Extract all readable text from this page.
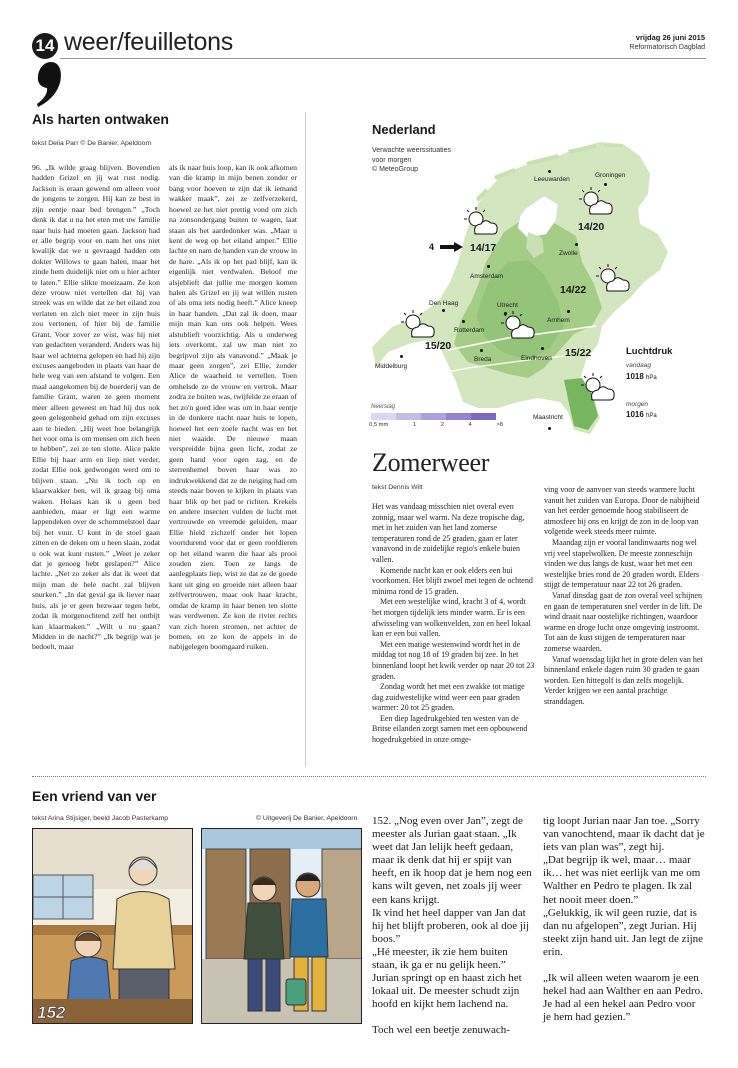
14 weer/feuilletons	vrijdag 26 juni 2015
Reformatorisch Dagblad
Als harten ontwaken
tekst Delia Parr © De Banier, Apeldoorn
96. „Ik wilde graag blijven. Bovendien hadden Grizel en jij wat rust nodig. Jackson is eraan gewend om alleen voor de jongens te zorgen. Hij kan ze best in zijn eentje naar bed brengen.” „Toch denk ik dat u na het eten met uw familie naar huis had moeten gaan. Jackson had er alle begrip voor en nam het ons niet kwalijk dat we u gevraagd hadden om dokter Willows te gaan halen, maar het zinde hem duidelijk niet om u hier achter te laten.” Ellie slikte moeizaam. Ze kon deze vrouw niet vertellen dat hij van streek was en wilde dat ze het eiland zou verlaten en zich niet meer in zijn huis zou vertonen, of hier bij de familie Grant. Voor zover ze wist, was hij niet van gedachten veranderd. Anders was hij haar wel achterna gelopen en had hij zijn excuses aangeboden in plaats van haar de hele weg van een afstand te volgen. Een maal aangekomen bij de boerderij van de familie Grant, waren ze geen moment meer alleen geweest en had hij dus ook geen gelegenheid gehad om zijn excuses aan te bieden. „Hij weet hoe belangrijk het voor oma is om mensen om zich heen te hebben”, zei ze ten slotte. Alice pakte Ellie bij haar arm en liep niet verder, zodat Ellie ook gedwongen werd om te blijven staan. „Nu ik toch op en klaarwakker ben, wil ik graag bij oma waken. Helaas kan ik u geen bed aanbieden, maar er ligt een warme lappendeken over de schommelstoel daar bij het vuur. U kunt in de stoel gaan zitten en de deken om u heen slaan, zodat u ook wat kunt rusten.” „Weet je zeker dat je genoeg hebt geslapen?” Alice lachte. „Net zo zeker als dat ik weet dat mijn man de hele nacht zal blijven snurken.” „In dat geval ga ik liever naar huis, als je er geen bezwaar tegen hebt, zodat ik morgenochtend zelf het ontbijt kan klaarmaken.” „Wilt u nu gaan? Midden in de nacht?” „Ik begrijp wat je bedoelt, maar
als ik naar huis loop, kan ik ook afkomen van die kramp in mijn benen zonder er bang voor hoeven te zijn dat ik iemand wakker maak”, zei ze zelfverzekerd, hoewel ze het niet prettig vond om zich na zonsondergang buiten te wagen, laat staan als het aardedonker was. „Maar u kent de weg op het eiland amper.” Ellie lachte en nam de handen van de vrouw in de hare. „Als ik op het pad blijf, kan ik eigenlijk niet verdwalen. Beloof me alsjeblieft dat jullie me morgen komen halen als Grizel en jij wat willen rusten of als oma iets nodig heeft.” Alice kneep in haar handen. „Dat zal ik doen, maar mijn man kan ons ook helpen. Wees alstublieft voorzichtig. Als u onderweg iets overkomt, zal uw man niet zo begripvol zijn als vanavond.” „Maak je maar geen zorgen”, zei Ellie, zonder Alice de waarheid te vertellen. Toen omhelsde ze de vrouw en vertrok. Maar zodra ze buiten was, twijfelde ze eraan of het zo'n goed idee was om in haar eentje in de donkere nacht naar huis te lopen, hoewel het een zoele nacht was en het niet waaide. De nieuwe maan verspreidde bijna geen licht, zodat ze geen hand voor ogen zag, en de sterrenhemel boven haar was zo indrukwekkend dat ze de neiging had om steeds naar boven te kijken in plaats van haar blik op het pad te richten. Krekels en andere insecten vulden de lucht met vertrouwde en vreemde geluiden, maar Ellie hield zichzelf onder het lopen voortdurend voor dat er geen roofdieren op het eiland waren die haar als prooi zouden zien. Toen ze langs de aanlegplaats liep, wist ze dat ze de goede kant uit ging en groeide niet alleen haar zelfvertrouwen, maar ook haar kracht, omdat de kramp in haar benen ten slotte was verdwenen. Ze kon de rivier rechts van zich horen stromen, net achter de bomen, en ze kon de appels in de nabijgelegen boomgaard ruiken.
Nederland
Verwachte weerssituaties
voor morgen
© MeteoGroup
Leeuwarden
Groningen
Zwolle
Amsterdam
Den Haag	Utrecht
Rotterdam
Arnhem
Breda	Eindhoven
Middelburg
Maastricht
14/17
14/20
14/22
15/20
15/22
4
Luchtdruk
vandaag
1018 hPa
morgen
1016 hPa
Neerslag
0,5 mm	1	2	4	>8
Zomerweer
tekst Dennis Wilt

Het was vandaag misschien niet overal even zonnig, maar wel warm. Na deze tropische dag, met in het zuiden van het land zomerse temperaturen rond de 25 graden, gaan er later vanavond in de zuidelijke regio's enkele buien vallen.

Komende nacht kan er ook elders een bui voorkomen. Het blijft zwoel met tegen de ochtend minima rond de 15 graden.

Met een westelijke wind, kracht 3 of 4, wordt het morgen tijdelijk iets minder warm. Er is een afwisseling van wolkenvelden, zon en heel lokaal kan er een bui vallen.

Met een matige westenwind wordt het in de middag tot nog 18 of 19 graden bij zee. In het binnenland loopt het kwik verder op naar 20 tot 23 graden.

Zondag wordt het met een zwakke tot matige dag zuidwestelijke wind weer een paar graden warmer: 20 tot 25 graden.

Een diep lagedrukgebied ten westen van de Britse eilanden zorgt samen met een opbouwend hogedrukgebied in onze omge-

ving voor de aanvoer van steeds warmere lucht vanuit het zuiden van Europa. Door de nabijheid van het eerder genoemde hoog stabiliseert de atmosfeer bij ons en krijgt de zon in de loop van volgende week steeds meer ruimte.

Maandag zijn er vooral landinwaarts nog wel vrij veel stapelwolken. De meeste zonneschijn vinden we dus langs de kust, waar het met een westelijke bries rond de 20 graden wordt. Elders stijgt de temperatuur naar 22 tot 26 graden.

Vanaf dinsdag gaat de zon overal veel schijnen en gaan de temperaturen snel verder in de lift. De wind draait naar oostelijke richtingen, waardoor warme en droge lucht onze omgeving instroomt. Tot aan de kust stijgen de temperaturen naar zomerse waarden.

Vanaf woensdag lijkt het in grote delen van het binnenland enkele dagen ruim 30 graden te gaan worden. Een hittegolf is dan zelfs mogelijk. Verder krijgen we een aantal prachtige stranddagen.

Een vriend van ver
tekst Arina Stijsiger, beeld Jacob Pasterkamp	© Uitgeverij De Banier, Apeldoorn
152

152. „Nog even over Jan”, zegt de meester als Jurian gaat staan. „Ik weet dat Jan lelijk heeft gedaan, maar ik denk dat hij er spijt van heeft, en ik hoop dat je hem nog een kans wilt geven, net zoals jij weer een kans krijgt.

Ik vind het heel dapper van Jan dat hij het blijft proberen, ook al doe jij boos.”

„Hé meester, ik zie hem buiten staan, ik ga er nu gelijk heen.” Jurian springt op en haast zich het lokaal uit. De meester schudt zijn hoofd en kijkt hem lachend na.

Toch wel een beetje zenuwach-

tig loopt Jurian naar Jan toe. „Sorry van vanochtend, maar ik dacht dat je iets van plan was”, zegt hij.

„Dat begrijp ik wel, maar… maar ik… het was niet eerlijk van me om Walther en Pedro te plagen. Ik zal het nooit meer doen.”

„Gelukkig, ik wil geen ruzie, dat is dan nu afgelopen”, zegt Jurian. Hij steekt zijn hand uit. Jan legt de zijne erin.

„Ik wil alleen weten waarom je een hekel had aan Walther en aan Pedro. Je had al een hekel aan Pedro voor je hem had gezien.”
